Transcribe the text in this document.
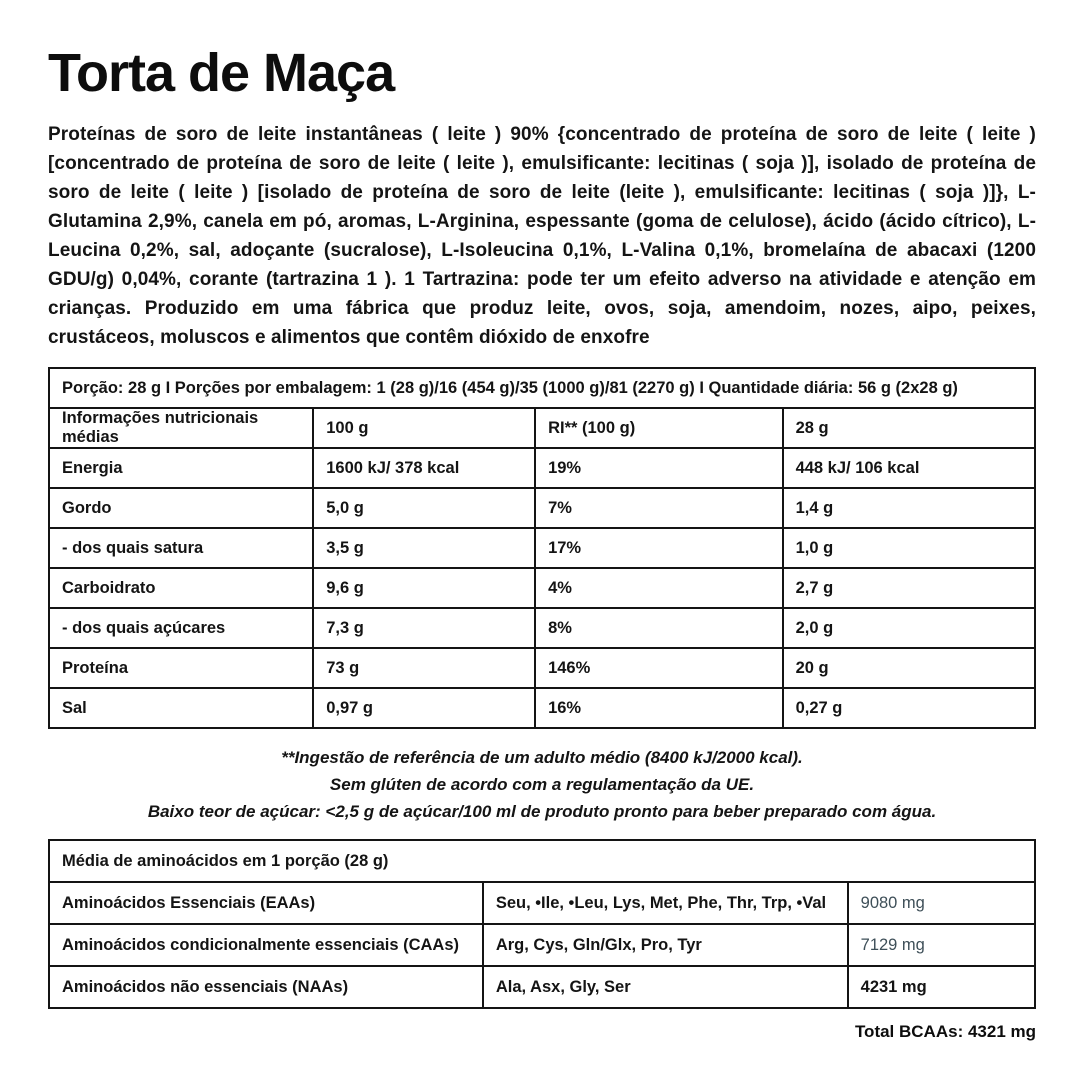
Torta de Maça

Proteínas de soro de leite instantâneas ( leite ) 90% {concentrado de proteína de soro de leite ( leite ) [concentrado de proteína de soro de leite ( leite ), emulsificante: lecitinas ( soja )], isolado de proteína de soro de leite ( leite ) [isolado de proteína de soro de leite (leite ), emulsificante: lecitinas ( soja )]}, L-Glutamina 2,9%, canela em pó, aromas, L-Arginina, espessante (goma de celulose), ácido (ácido cítrico), L-Leucina 0,2%, sal, adoçante (sucralose), L-Isoleucina 0,1%, L-Valina 0,1%, bromelaína de abacaxi (1200 GDU/g) 0,04%, corante (tartrazina 1 ). 1 Tartrazina: pode ter um efeito adverso na atividade e atenção em crianças. Produzido em uma fábrica que produz leite, ovos, soja, amendoim, nozes, aipo, peixes, crustáceos, moluscos e alimentos que contêm dióxido de enxofre

Porção: 28 g I Porções por embalagem: 1 (28 g)/16 (454 g)/35 (1000 g)/81 (2270 g) I Quantidade diária: 56 g (2x28 g)			
Informações nutricionais médias	100 g	RI** (100 g)	28 g
Energia	1600 kJ/ 378 kcal	19%	448 kJ/ 106 kcal
Gordo	5,0 g	7%	1,4 g
- dos quais satura	3,5 g	17%	1,0 g
Carboidrato	9,6 g	4%	2,7 g
- dos quais açúcares	7,3 g	8%	2,0 g
Proteína	73 g	146%	20 g
Sal	0,97 g	16%	0,27 g
**Ingestão de referência de um adulto médio (8400 kJ/2000 kcal).
Sem glúten de acordo com a regulamentação da UE.
Baixo teor de açúcar: <2,5 g de açúcar/100 ml de produto pronto para beber preparado com água.
Média de aminoácidos em 1 porção (28 g)		
Aminoácidos Essenciais (EAAs)	Seu, •Ile, •Leu, Lys, Met, Phe, Thr, Trp, •Val	9080 mg
Aminoácidos condicionalmente essenciais (CAAs)	Arg, Cys, Gln/Glx, Pro, Tyr	7129 mg
Aminoácidos não essenciais (NAAs)	Ala, Asx, Gly, Ser	4231 mg
Total BCAAs: 4321 mg
